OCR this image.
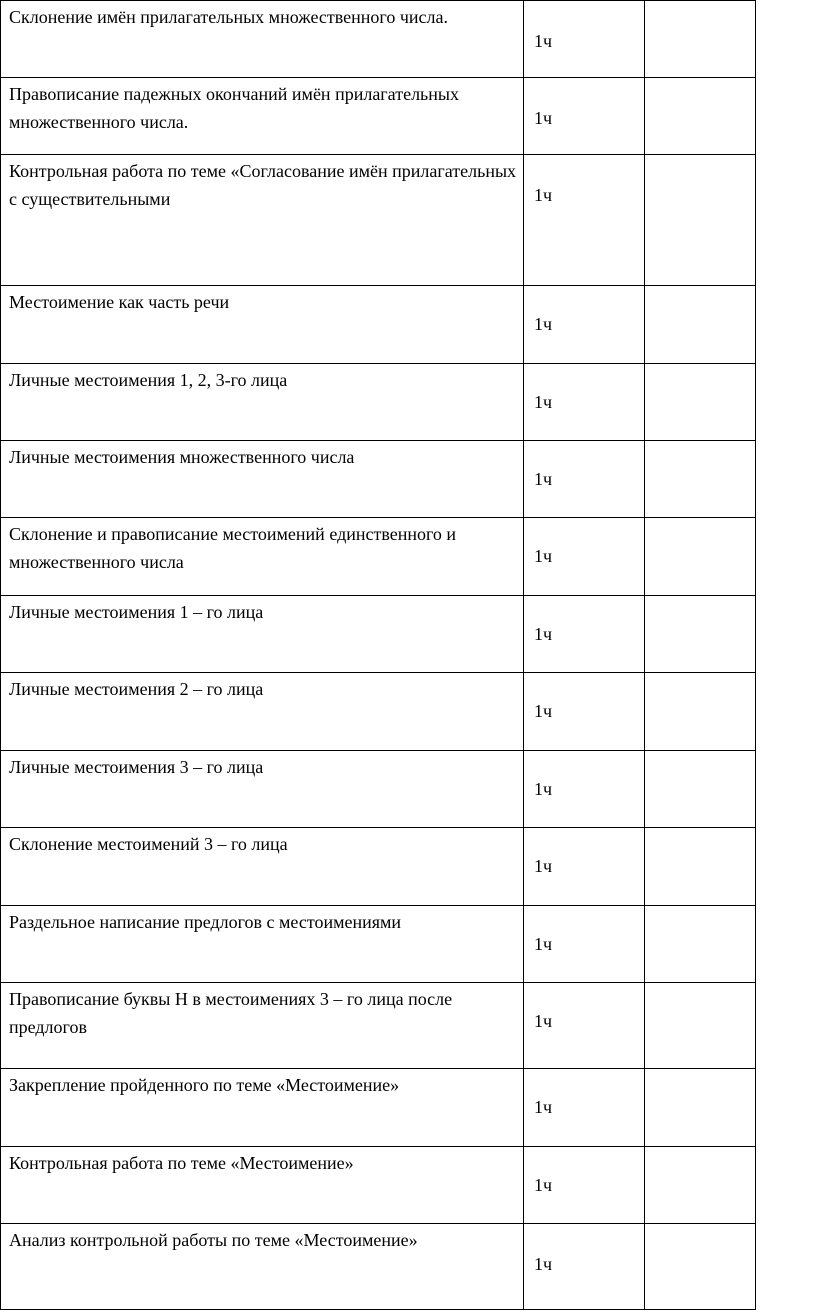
Склонение имён прилагательных множественного числа.	1ч	

Правописание падежных окончаний имён прилагательных множественного числа.	1ч	

Контрольная работа по теме «Согласование имён прилагательных с существительными	1ч	

Местоимение как часть речи	1ч	

Личные местоимения 1, 2, 3-го лица	1ч	

Личные местоимения множественного числа	1ч	

Склонение и правописание местоимений единственного и множественного числа	1ч	

Личные местоимения 1 – го лица	1ч	

Личные местоимения 2 – го лица	1ч	

Личные местоимения 3 – го лица	1ч	

Склонение местоимений 3 – го лица	1ч	

Раздельное написание предлогов с местоимениями	1ч	

Правописание буквы Н в местоимениях 3 – го лица после предлогов	1ч	

Закрепление пройденного по теме «Местоимение»	1ч	

Контрольная работа по теме «Местоимение»	1ч	

Анализ контрольной работы по теме «Местоимение»	1ч	
